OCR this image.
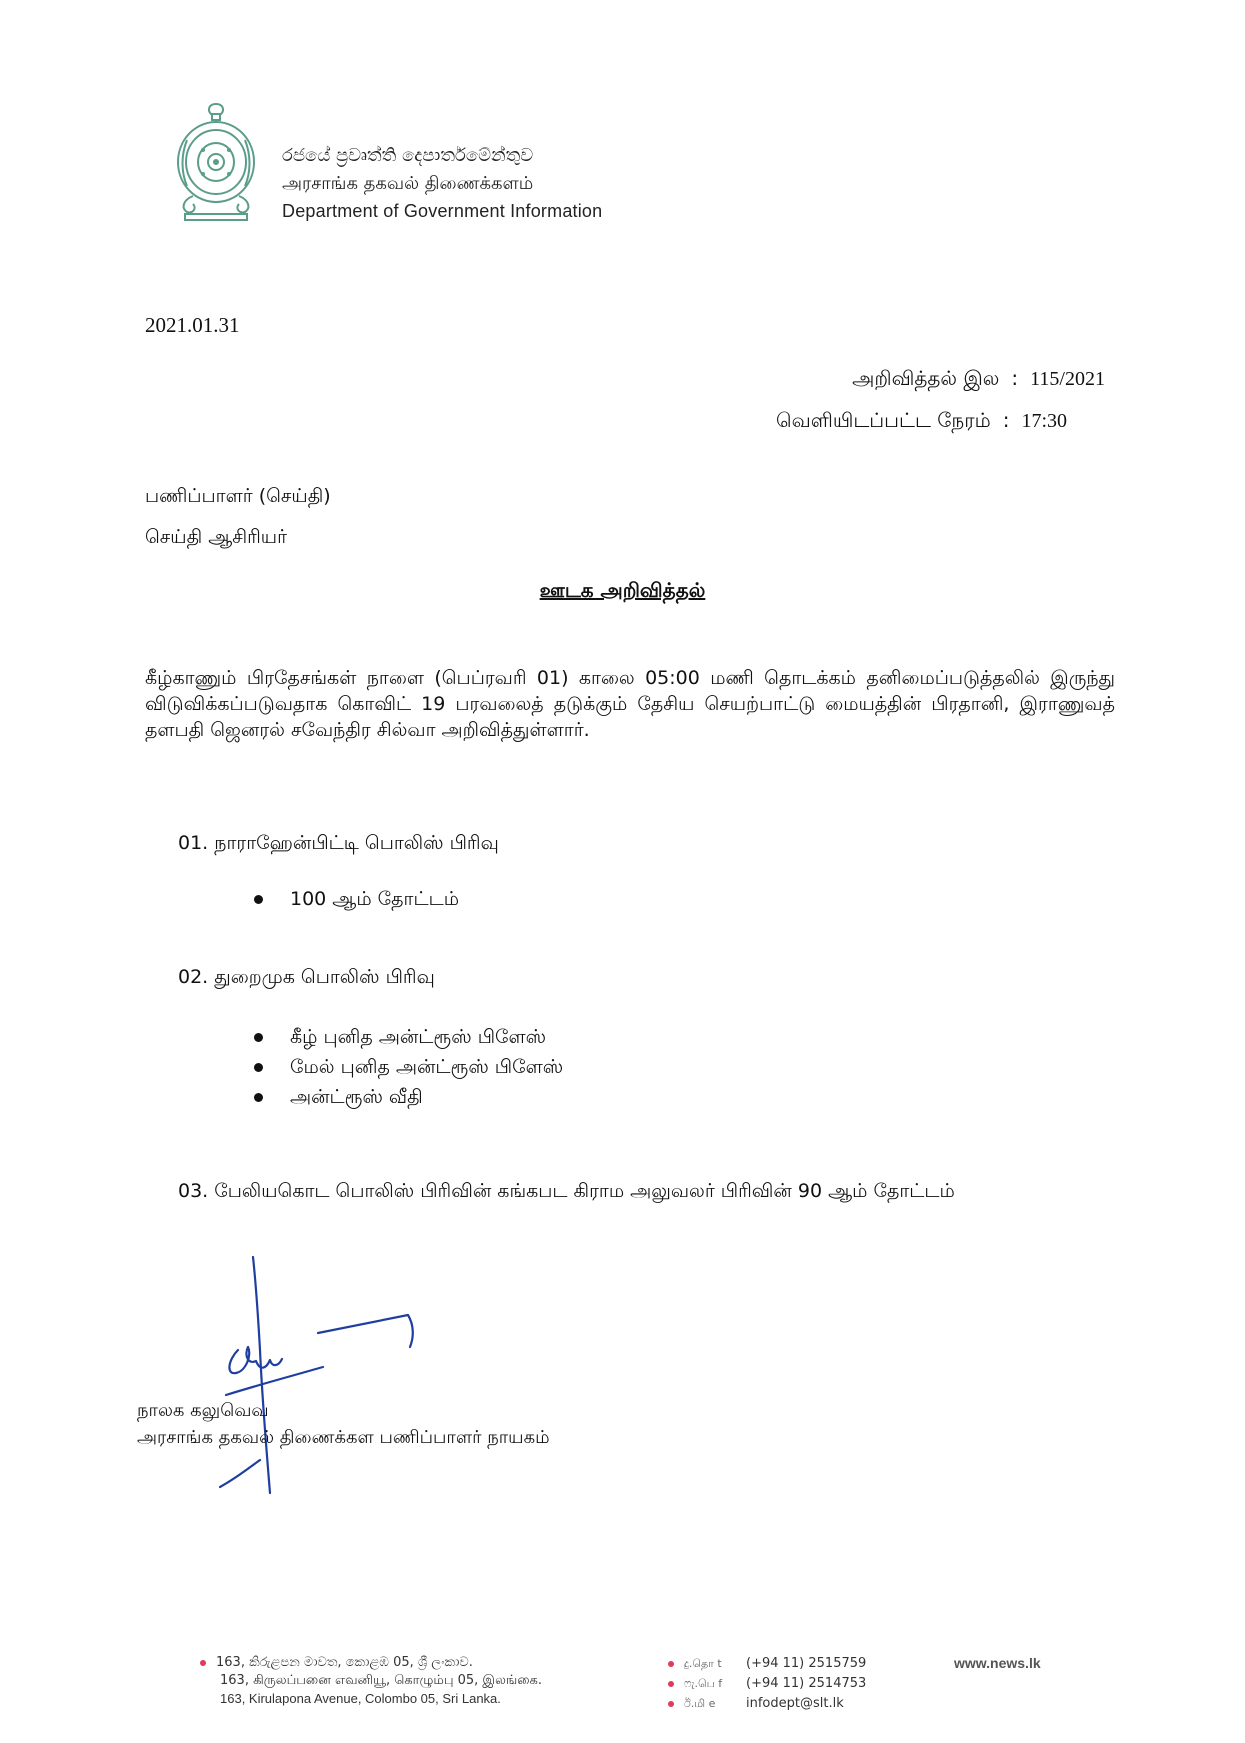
රජයේ ප්‍රවෘත්ති දෙපාර්තමේන්තුව
அரசாங்க தகவல் திணைக்களம்
Department of Government Information
2021.01.31
அறிவித்தல் இல : 115/2021
வெளியிடப்பட்ட நேரம் : 17:30
பணிப்பாளர் (செய்தி)
செய்தி ஆசிரியர்
ஊடக அறிவித்தல்
கீழ்காணும் பிரதேசங்கள் நாளை (பெப்ரவரி 01) காலை 05:00 மணி தொடக்கம் தனிமைப்படுத்தலில் இருந்து விடுவிக்கப்படுவதாக கொவிட் 19 பரவலைத் தடுக்கும் தேசிய செயற்பாட்டு மையத்தின் பிரதானி, இராணுவத் தளபதி ஜெனரல் சவேந்திர சில்வா அறிவித்துள்ளார்.
01. நாராஹேன்பிட்டி பொலிஸ் பிரிவு
100 ஆம் தோட்டம்
02. துறைமுக பொலிஸ் பிரிவு
கீழ் புனித அன்ட்ரூஸ் பிளேஸ்
மேல் புனித அன்ட்ரூஸ் பிளேஸ்
அன்ட்ரூஸ் வீதி
03. பேலியகொட பொலிஸ் பிரிவின் கங்கபட கிராம அலுவலர் பிரிவின் 90 ஆம் தோட்டம்
நாலக கலுவெவ
அரசாங்க தகவல் திணைக்கள பணிப்பாளர் நாயகம்
163, කිරුළපන මාවත, කොළඹ 05, ශ්‍රී ලංකාව.
163, கிருலப்பனை எவனியூ, கொழும்பு 05, இலங்கை.
163, Kirulapona Avenue, Colombo 05, Sri Lanka.
දු.தொ t (+94 11) 2515759
ෆැ.பெ f (+94 11) 2514753
ඊ.மி e infodept@slt.lk
www.news.lk
